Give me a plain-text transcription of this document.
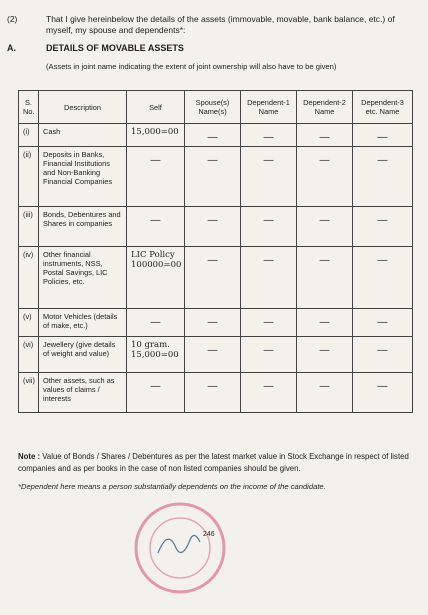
(2)	That I give hereinbelow the details of the assets (immovable, movable, bank balance, etc.) of myself, my spouse and dependents*:
A.	DETAILS OF MOVABLE ASSETS
(Assets in joint name indicating the extent of joint ownership will also have to be given)
S. No.	Description	Self	Spouse(s) Name(s)	Dependent-1 Name	Dependent-2 Name	Dependent-3 etc. Name
(i)	Cash	15,000=00	—	—	—	—

(ii)	Deposits in Banks, Financial Institutions and Non-Banking Financial Companies	—	—	—	—	—

(iii)	Bonds, Debentures and Shares in companies	—	—	—	—	—

(iv)	Other financial instruments, NSS, Postal Savings, LIC Policies, etc.	LIC Policy 100000=00	—	—	—	—

(v)	Motor Vehicles (details of make, etc.)	—	—	—	—	—

(vi)	Jewellery (give details of weight and value)	10 gram. 15,000=00	—	—	—	—

(vii)	Other assets, such as values of claims / interests	—	—	—	—	—
Note : Value of Bonds / Shares / Debentures as per the latest market value in Stock Exchange in respect of listed companies and as per books in the case of non listed companies should be given.
*Dependent here means a person substantially dependents on the income of the candidate.
246
